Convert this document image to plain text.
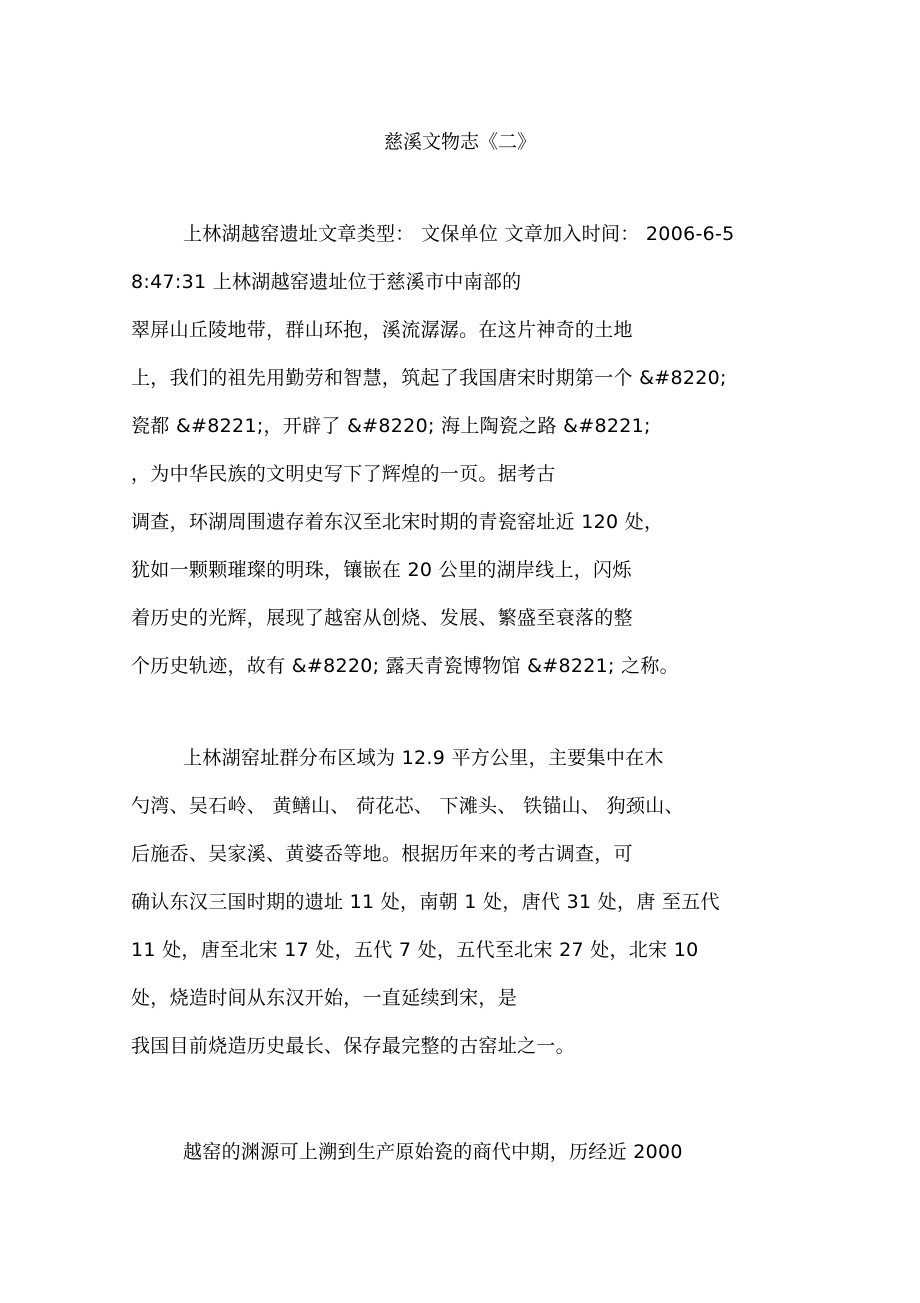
慈溪文物志《二》
上林湖越窑遗址文章类型： 文保单位 文章加入时间： 2006-6-5
8:47:31 上林湖越窑遗址位于慈溪市中南部的
翠屏山丘陵地带，群山环抱，溪流潺潺。在这片神奇的土地
上，我们的祖先用勤劳和智慧，筑起了我国唐宋时期第一个 &#8220;
瓷都 &#8221;，开辟了 &#8220; 海上陶瓷之路 &#8221;
，为中华民族的文明史写下了辉煌的一页。据考古
调查，环湖周围遗存着东汉至北宋时期的青瓷窑址近 120 处，
犹如一颗颗璀璨的明珠，镶嵌在 20 公里的湖岸线上，闪烁
着历史的光辉，展现了越窑从创烧、发展、繁盛至衰落的整
个历史轨迹，故有 &#8220; 露天青瓷博物馆 &#8221; 之称。
上林湖窑址群分布区域为 12.9 平方公里，主要集中在木
勺湾、吴石岭、 黄鳝山、 荷花芯、 下滩头、 铁锚山、 狗颈山、
后施岙、吴家溪、黄婆岙等地。根据历年来的考古调查，可
确认东汉三国时期的遗址 11 处，南朝 1 处，唐代 31 处，唐 至五代
11 处，唐至北宋 17 处，五代 7 处，五代至北宋 27 处，北宋 10
处，烧造时间从东汉开始，一直延续到宋，是
我国目前烧造历史最长、保存最完整的古窑址之一。
越窑的渊源可上溯到生产原始瓷的商代中期，历经近 2000
